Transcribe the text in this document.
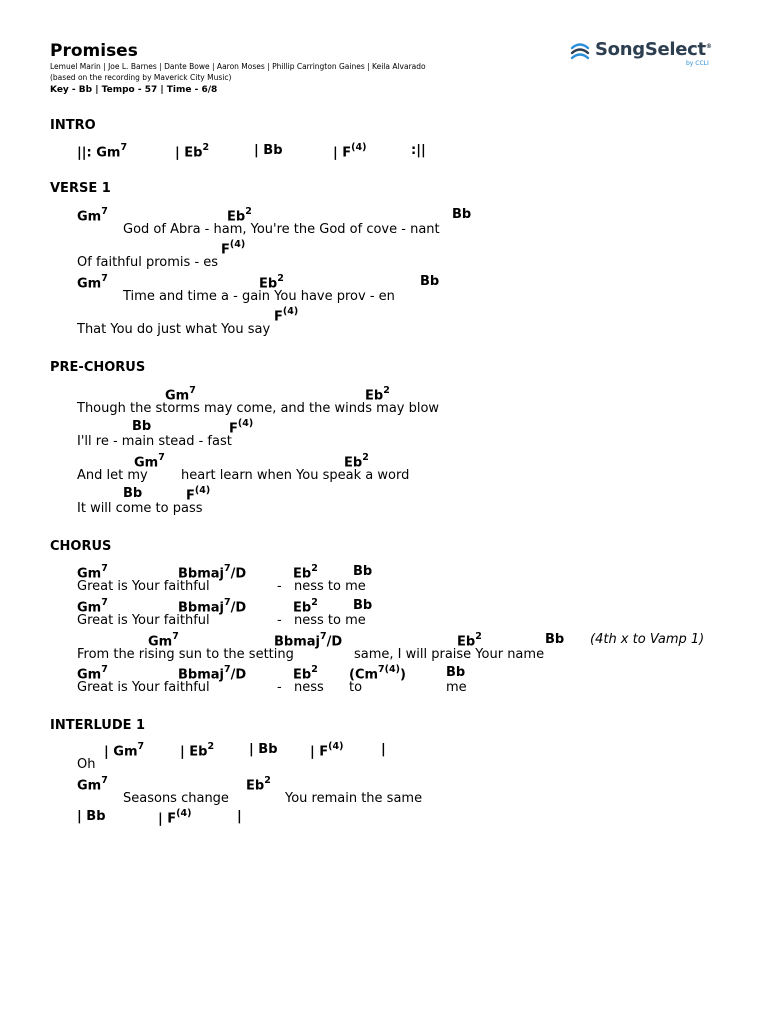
Promises
Lemuel Marin | Joe L. Barnes | Dante Bowe | Aaron Moses | Phillip Carrington Gaines | Keila Alvarado
(based on the recording by Maverick City Music)
Key - Bb | Tempo - 57 | Time - 6/8
SongSelect®
by CCLI
INTRO
||: Gm$^7$	| Eb$^2$	| Bb	| $F^{(4)}$	:||
VERSE 1
Gm$^7$	Eb$^2$	Bb
God of Abra - ham, You're the God of cove - nant
$F^{(4)}$
Of faithful promis - es
Gm$^7$	Eb$^2$	Bb
Time and time a - gain You have prov - en
$F^{(4)}$
That You do just what You say
PRE-CHORUS
Gm$^7$	Eb$^2$
Though the storms may come, and the winds may blow
Bb	$F^{(4)}$
I'll re - main stead - fast
Gm$^7$	Eb$^2$
And let my	heart learn when You speak a word
Bb	$F^{(4)}$
It will come to pass
CHORUS
Gm$^7$	Bbmaj$^7$/D	Eb$^2$	Bb
Great is Your faithful	- ness to me
Gm$^7$	Bbmaj$^7$/D	Eb$^2$	Bb
Great is Your faithful	- ness to me
Gm$^7$	Bbmaj$^7$/D	Eb$^2$	Bb (4th x to Vamp 1)
From the rising sun to the setting	same, I will praise Your name
Gm$^7$	Bbmaj$^7$/D	Eb$^2$ $(Cm^{7(4)})$	Bb
Great is Your faithful	- ness to	me
INTERLUDE 1
| Gm$^7$	| Eb$^2$	| Bb	| $F^{(4)}$	|
Oh
Gm$^7$	Eb$^2$
Seasons change	You remain the same
| Bb	| $F^{(4)}$	|
